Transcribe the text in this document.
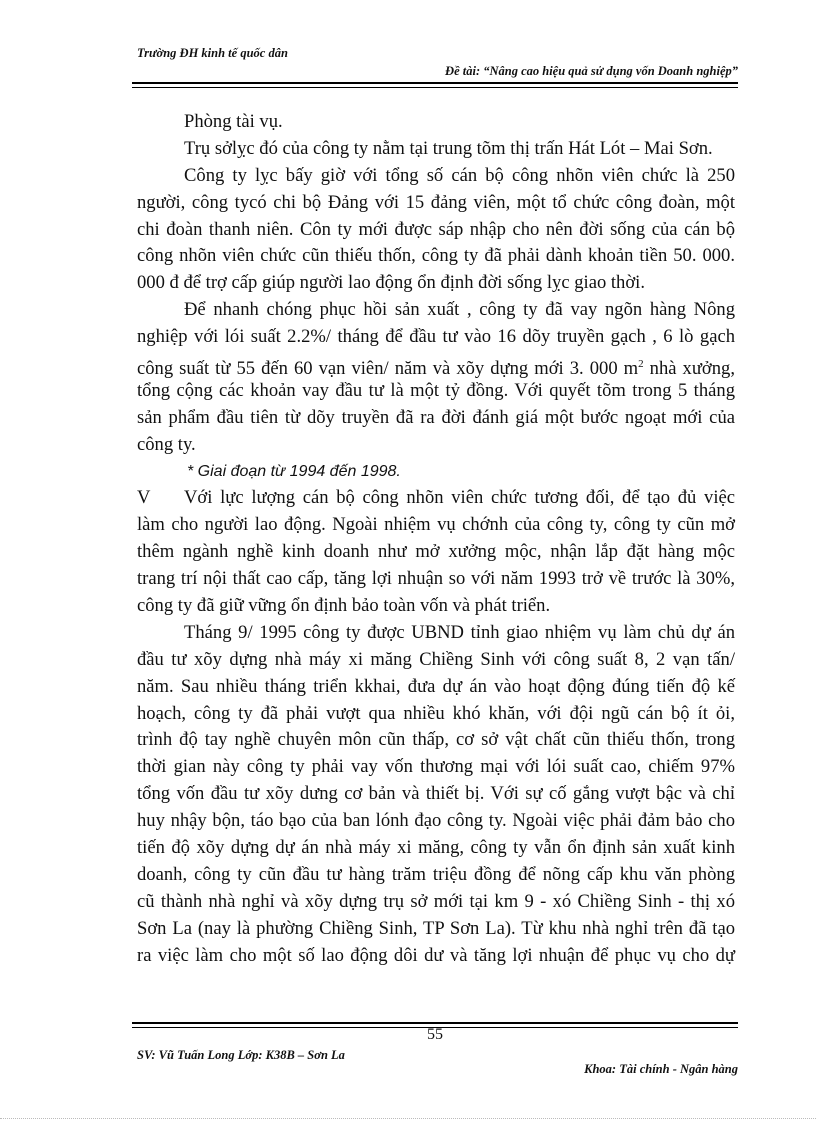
Trường ĐH kinh tế quốc dân
Đề tài: “Nâng cao hiệu quả sử dụng vốn Doanh nghiệp”
Phòng tài vụ.
Trụ sởlỵc đó của công ty nằm tại trung tõm thị trấn Hát Lót – Mai Sơn.
Công ty lỵc bấy giờ với tổng số cán bộ công nhõn viên chức là 250
người, công tycó chi bộ Đảng với 15 đảng viên, một tổ chức công đoàn, một
chi đoàn thanh niên. Côn ty mới được sáp nhập cho nên đời sống của cán bộ
công nhõn viên chức cũn thiếu thốn, công ty đã phải dành khoản tiền 50. 000.
000 đ để trợ cấp giúp người lao động ổn định đời sống lỵc giao thời.
Để nhanh chóng phục hồi sản xuất , công ty đã vay ngõn hàng Nông
nghiệp với lói suất 2.2%/ tháng để đầu tư vào 16 dõy truyền gạch , 6 lò gạch
công suất từ 55 đến 60 vạn viên/ năm và xõy dựng mới 3. 000 $m^2$ nhà xưởng,
tổng cộng các khoản vay đầu tư là một tỷ đồng. Với quyết tõm trong 5 tháng
sản phẩm đầu tiên từ dõy truyền đã ra đời đánh giá một bước ngoạt mới của
công ty.
* Giai đoạn từ 1994 đến 1998.
V	Với lực lượng cán bộ công nhõn viên chức tương đối, để tạo đủ việc
làm cho người lao động. Ngoài nhiệm vụ chớnh của công ty, công ty cũn mở
thêm ngành nghề kinh doanh như mở xưởng mộc, nhận lắp đặt hàng mộc
trang trí nội thất cao cấp, tăng lợi nhuận so với năm 1993 trở về trước là 30%,
công ty đã giữ vững ổn định bảo toàn vốn và phát triển.
Tháng 9/ 1995 công ty được UBND tỉnh giao nhiệm vụ làm chủ dự án
đầu tư xõy dựng nhà máy xi măng Chiềng Sinh với công suất 8, 2 vạn tấn/
năm. Sau nhiều tháng triển kkhai, đưa dự án vào hoạt động đúng tiến độ kế
hoạch, công ty đã phải vượt qua nhiều khó khăn, với đội ngũ cán bộ ít ỏi,
trình độ tay nghề chuyên môn cũn thấp, cơ sở vật chất cũn thiếu thốn, trong
thời gian này công ty phải vay vốn thương mại với lói suất cao, chiếm 97%
tổng vốn đầu tư xõy dưng cơ bản và thiết bị. Với sự cố gắng vượt bậc và chỉ
huy nhậy bộn, táo bạo của ban lónh đạo công ty. Ngoài việc phải đảm bảo cho
tiến độ xõy dựng dự án nhà máy xi măng, công ty vẫn ổn định sản xuất kinh
doanh, công ty cũn đầu tư hàng trăm triệu đồng để nõng cấp khu văn phòng
cũ thành nhà nghỉ và xõy dựng trụ sở mới tại km 9 - xó Chiềng Sinh - thị xó
Sơn La (nay là phường Chiềng Sinh, TP Sơn La). Từ khu nhà nghỉ trên đã tạo
ra việc làm cho một số lao động dôi dư và tăng lợi nhuận để phục vụ cho dự
55
SV: Vũ Tuấn Long Lớp: K38B – Sơn La
Khoa: Tài chính - Ngân hàng
